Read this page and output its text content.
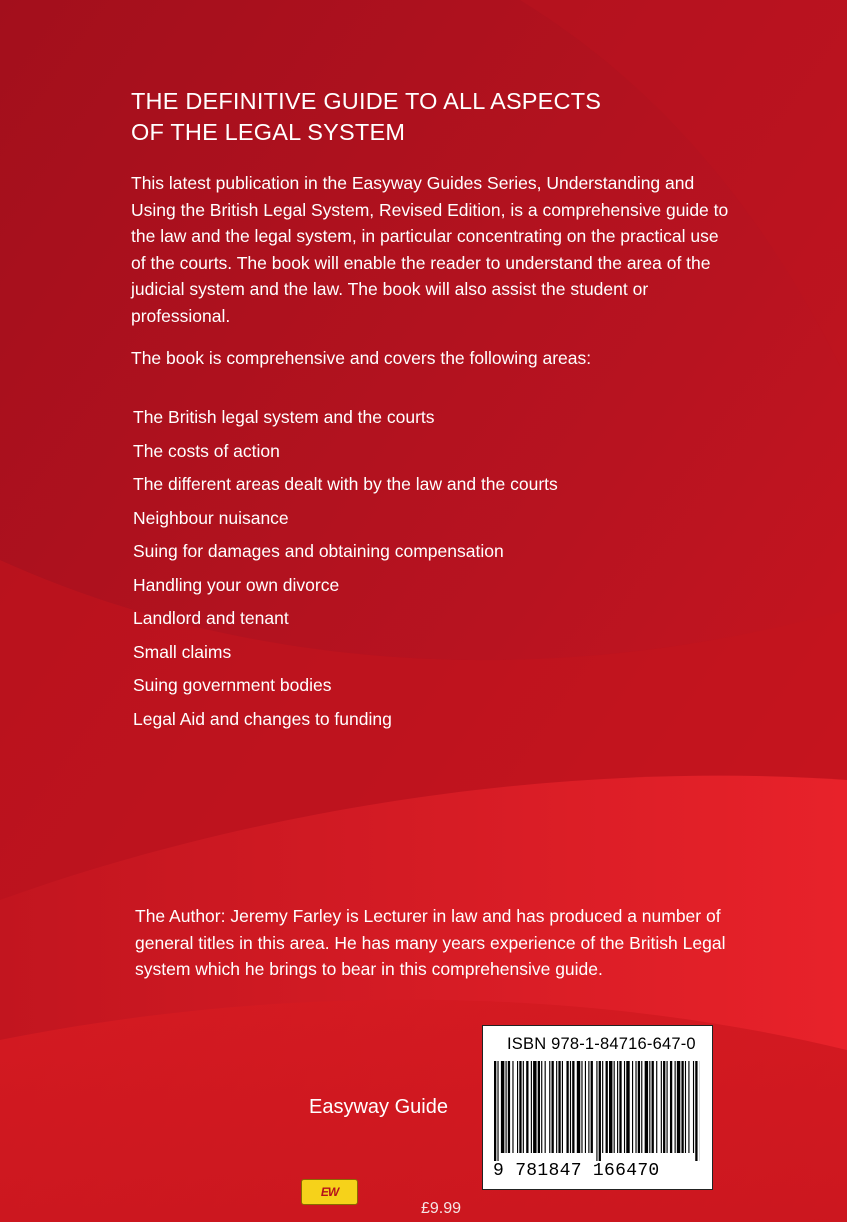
THE DEFINITIVE GUIDE TO ALL ASPECTS
OF THE LEGAL SYSTEM

This latest publication in the Easyway Guides Series, Understanding and Using the British Legal System, Revised Edition, is a comprehensive guide to the law and the legal system, in particular concentrating on the practical use of the courts. The book will enable the reader to understand the area of the judicial system and the law. The book will also assist the student or professional.

The book is comprehensive and covers the following areas:

The British legal system and the courts
The costs of action
The different areas dealt with by the law and the courts
Neighbour nuisance
Suing for damages and obtaining compensation
Handling your own divorce
Landlord and tenant
Small claims
Suing government bodies
Legal Aid and changes to funding

The Author: Jeremy Farley is Lecturer in law and has produced a number of general titles in this area. He has many years experience of the British Legal system which he brings to bear in this comprehensive guide.

Easyway Guide
EW
£9.99
ISBN 978-1-84716-647-0
9 781847 166470
